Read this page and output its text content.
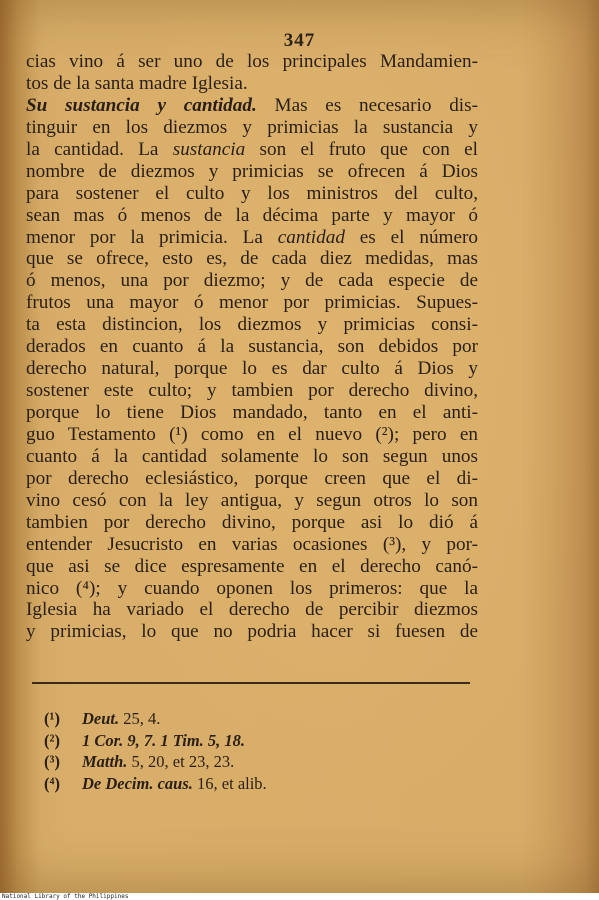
347
cias vino á ser uno de los principales Mandamien-
tos de la santa madre Iglesia.
Su sustancia y cantidad. Mas es necesario dis-
tinguir en los diezmos y primicias la sustancia y
la cantidad. La sustancia son el fruto que con el
nombre de diezmos y primicias se ofrecen á Dios
para sostener el culto y los ministros del culto,
sean mas ó menos de la décima parte y mayor ó
menor por la primicia. La cantidad es el número
que se ofrece, esto es, de cada diez medidas, mas
ó menos, una por diezmo; y de cada especie de
frutos una mayor ó menor por primicias. Supues-
ta esta distincion, los diezmos y primicias consi-
derados en cuanto á la sustancia, son debidos por
derecho natural, porque lo es dar culto á Dios y
sostener este culto; y tambien por derecho divino,
porque lo tiene Dios mandado, tanto en el anti-
guo Testamento (¹) como en el nuevo (²); pero en
cuanto á la cantidad solamente lo son segun unos
por derecho eclesiástico, porque creen que el di-
vino cesó con la ley antigua, y segun otros lo son
tambien por derecho divino, porque asi lo dió á
entender Jesucristo en varias ocasiones (³), y por-
que asi se dice espresamente en el derecho canó-
nico (⁴); y cuando oponen los primeros: que la
Iglesia ha variado el derecho de percibir diezmos
y primicias, lo que no podria hacer si fuesen de
(¹) Deut. 25, 4.
(²) 1 Cor. 9, 7. 1 Tim. 5, 18.
(³) Matth. 5, 20, et 23, 23.
(⁴) De Decim. caus. 16, et alib.
National Library of the Philippines
